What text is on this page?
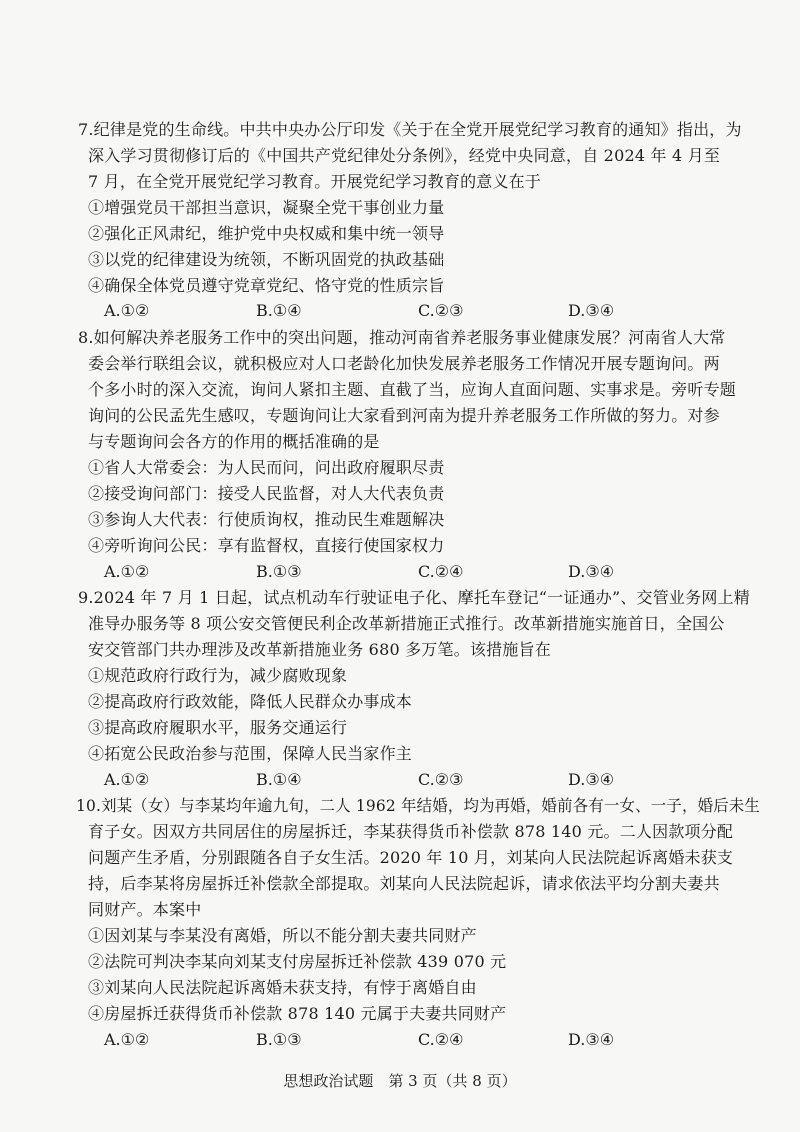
7.纪律是党的生命线。中共中央办公厅印发《关于在全党开展党纪学习教育的通知》指出，为
深入学习贯彻修订后的《中国共产党纪律处分条例》，经党中央同意，自 2024 年 4 月至
7 月，在全党开展党纪学习教育。开展党纪学习教育的意义在于
①增强党员干部担当意识，凝聚全党干事创业力量
②强化正风肃纪，维护党中央权威和集中统一领导
③以党的纪律建设为统领，不断巩固党的执政基础
④确保全体党员遵守党章党纪、恪守党的性质宗旨
A.①②	B.①④	C.②③	D.③④
8.如何解决养老服务工作中的突出问题，推动河南省养老服务事业健康发展？河南省人大常
委会举行联组会议，就积极应对人口老龄化加快发展养老服务工作情况开展专题询问。两
个多小时的深入交流，询问人紧扣主题、直截了当，应询人直面问题、实事求是。旁听专题
询问的公民孟先生感叹，专题询问让大家看到河南为提升养老服务工作所做的努力。对参
与专题询问会各方的作用的概括准确的是
①省人大常委会：为人民而问，问出政府履职尽责
②接受询问部门：接受人民监督，对人大代表负责
③参询人大代表：行使质询权，推动民生难题解决
④旁听询问公民：享有监督权，直接行使国家权力
A.①②	B.①③	C.②④	D.③④
9.2024 年 7 月 1 日起，试点机动车行驶证电子化、摩托车登记“一证通办”、交管业务网上精
准导办服务等 8 项公安交管便民利企改革新措施正式推行。改革新措施实施首日，全国公
安交管部门共办理涉及改革新措施业务 680 多万笔。该措施旨在
①规范政府行政行为，减少腐败现象
②提高政府行政效能，降低人民群众办事成本
③提高政府履职水平，服务交通运行
④拓宽公民政治参与范围，保障人民当家作主
A.①②	B.①④	C.②③	D.③④
10.刘某（女）与李某均年逾九旬，二人 1962 年结婚，均为再婚，婚前各有一女、一子，婚后未生
育子女。因双方共同居住的房屋拆迁，李某获得货币补偿款 878 140 元。二人因款项分配
问题产生矛盾，分别跟随各自子女生活。2020 年 10 月，刘某向人民法院起诉离婚未获支
持，后李某将房屋拆迁补偿款全部提取。刘某向人民法院起诉，请求依法平均分割夫妻共
同财产。本案中
①因刘某与李某没有离婚，所以不能分割夫妻共同财产
②法院可判决李某向刘某支付房屋拆迁补偿款 439 070 元
③刘某向人民法院起诉离婚未获支持，有悖于离婚自由
④房屋拆迁获得货币补偿款 878 140 元属于夫妻共同财产
A.①②	B.①③	C.②④	D.③④
思想政治试题　第 3 页（共 8 页）
